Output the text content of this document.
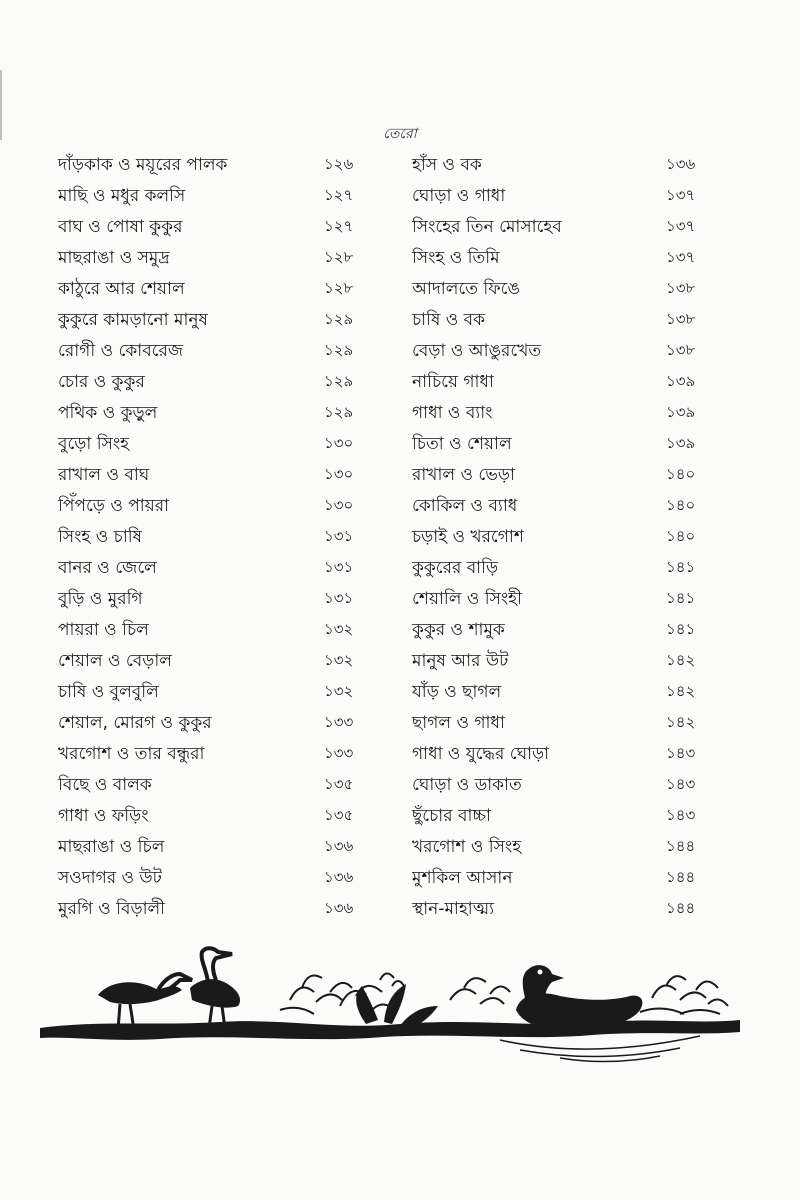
তেরো
দাঁড়কাক ও ময়ূরের পালক	১২৬
মাছি ও মধুর কলসি	১২৭
বাঘ ও পোষা কুকুর	১২৭
মাছরাঙা ও সমুদ্র	১২৮
কাঠুরে আর শেয়াল	১২৮
কুকুরে কামড়ানো মানুষ	১২৯
রোগী ও কোবরেজ	১২৯
চোর ও কুকুর	১২৯
পথিক ও কুড়ুল	১২৯
বুড়ো সিংহ	১৩০
রাখাল ও বাঘ	১৩০
পিঁপড়ে ও পায়রা	১৩০
সিংহ ও চাষি	১৩১
বানর ও জেলে	১৩১
বুড়ি ও মুরগি	১৩১
পায়রা ও চিল	১৩২
শেয়াল ও বেড়াল	১৩২
চাষি ও বুলবুলি	১৩২
শেয়াল, মোরগ ও কুকুর	১৩৩
খরগোশ ও তার বন্ধুরা	১৩৩
বিছে ও বালক	১৩৫
গাধা ও ফড়িং	১৩৫
মাছরাঙা ও চিল	১৩৬
সওদাগর ও উট	১৩৬
মুরগি ও বিড়ালী	১৩৬
হাঁস ও বক	১৩৬
ঘোড়া ও গাধা	১৩৭
সিংহের তিন মোসাহেব	১৩৭
সিংহ ও তিমি	১৩৭
আদালতে ফিঙে	১৩৮
চাষি ও বক	১৩৮
বেড়া ও আঙুরখেত	১৩৮
নাচিয়ে গাধা	১৩৯
গাধা ও ব্যাং	১৩৯
চিতা ও শেয়াল	১৩৯
রাখাল ও ভেড়া	১৪০
কোকিল ও ব্যাধ	১৪০
চড়াই ও খরগোশ	১৪০
কুকুরের বাড়ি	১৪১
শেয়ালি ও সিংহী	১৪১
কুকুর ও শামুক	১৪১
মানুষ আর উট	১৪২
যাঁড় ও ছাগল	১৪২
ছাগল ও গাধা	১৪২
গাধা ও যুদ্ধের ঘোড়া	১৪৩
ঘোড়া ও ডাকাত	১৪৩
ছুঁচোর বাচ্চা	১৪৩
খরগোশ ও সিংহ	১৪৪
মুশকিল আসান	১৪৪
স্থান-মাহাত্ম্য	১৪৪
